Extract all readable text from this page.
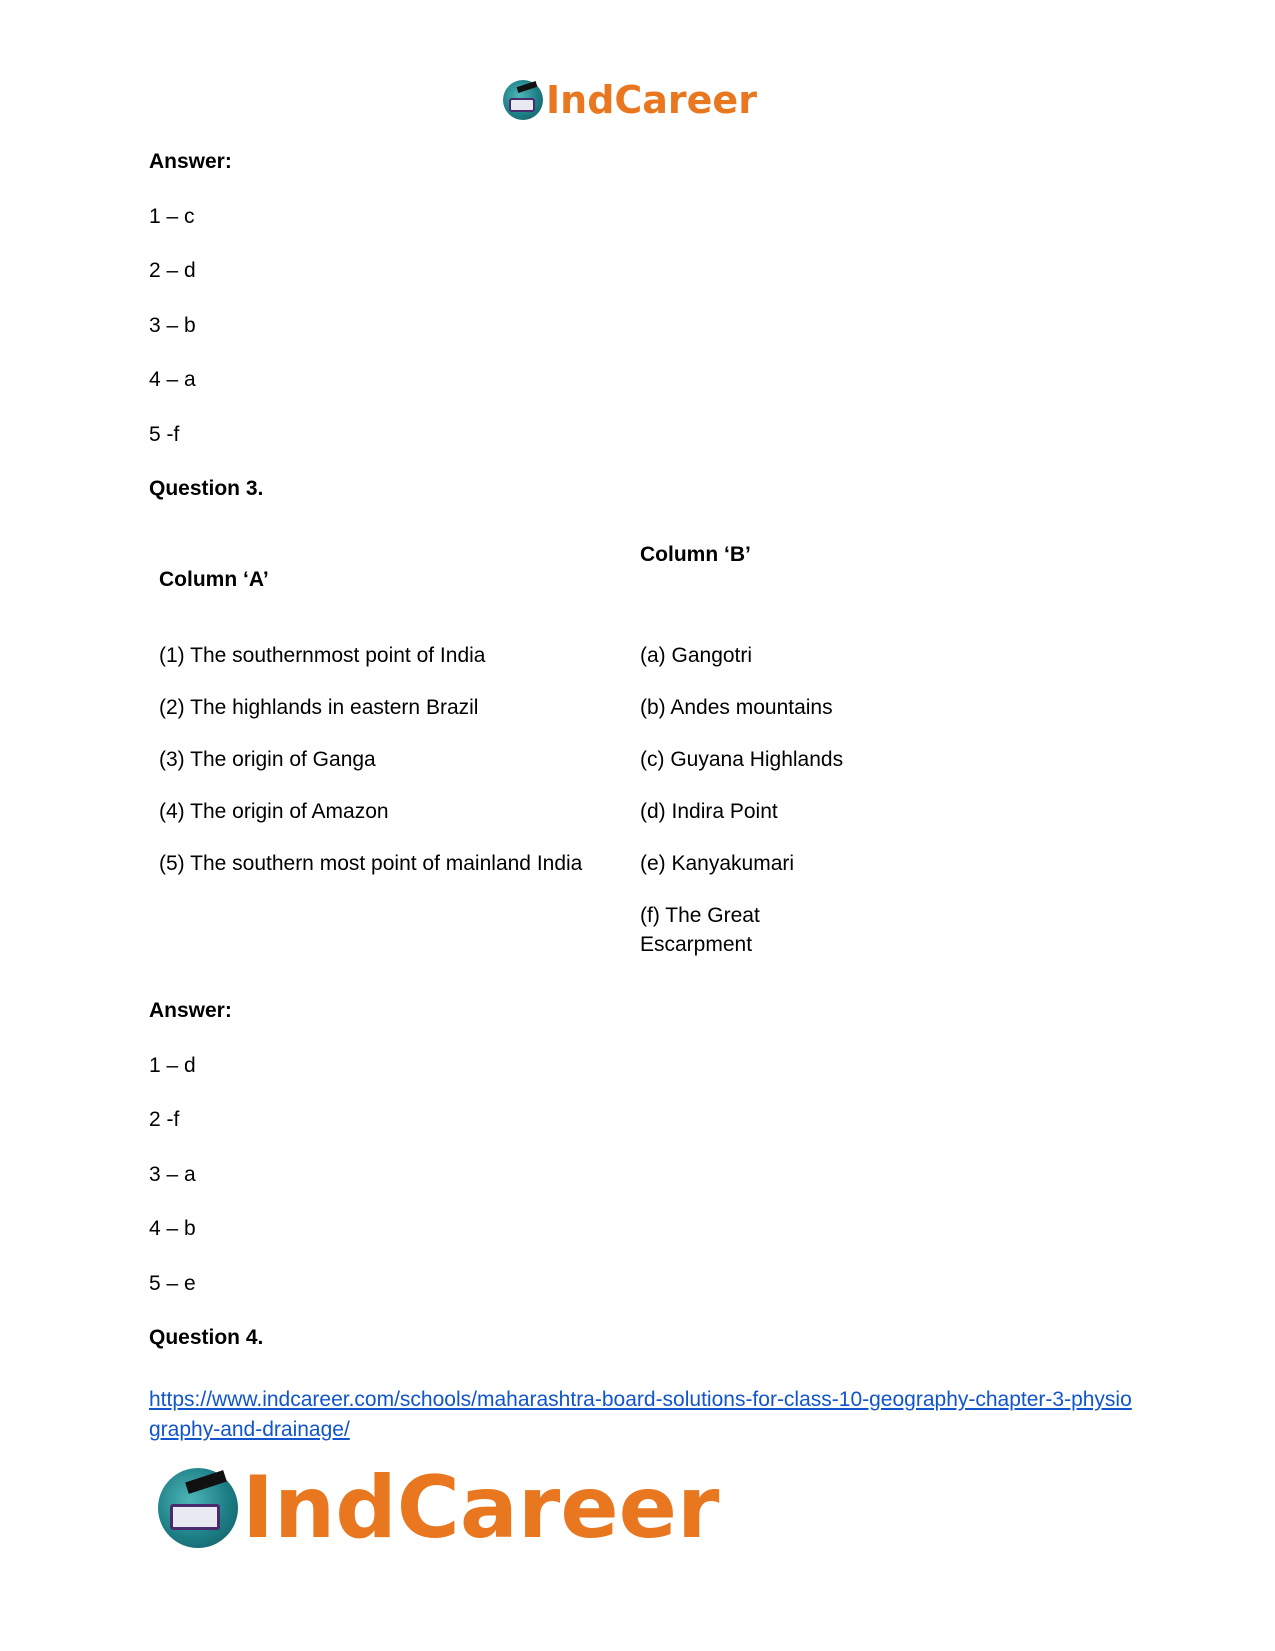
IndCareer
Answer:
1 – c
2 – d
3 – b
4 – a
5 -f
Question 3.
Column ‘A’
Column ‘B’
(1) The southernmost point of India
(2) The highlands in eastern Brazil
(3) The origin of Ganga
(4) The origin of Amazon
(5) The southern most point of mainland India
(a) Gangotri
(b) Andes mountains
(c) Guyana Highlands
(d) Indira Point
(e) Kanyakumari
(f) The Great
Escarpment
Answer:
1 – d
2 -f
3 – a
4 – b
5 – e
Question 4.
https://www.indcareer.com/schools/maharashtra-board-solutions-for-class-10-geography-chapter-3-physiography-and-drainage/
IndCareer
